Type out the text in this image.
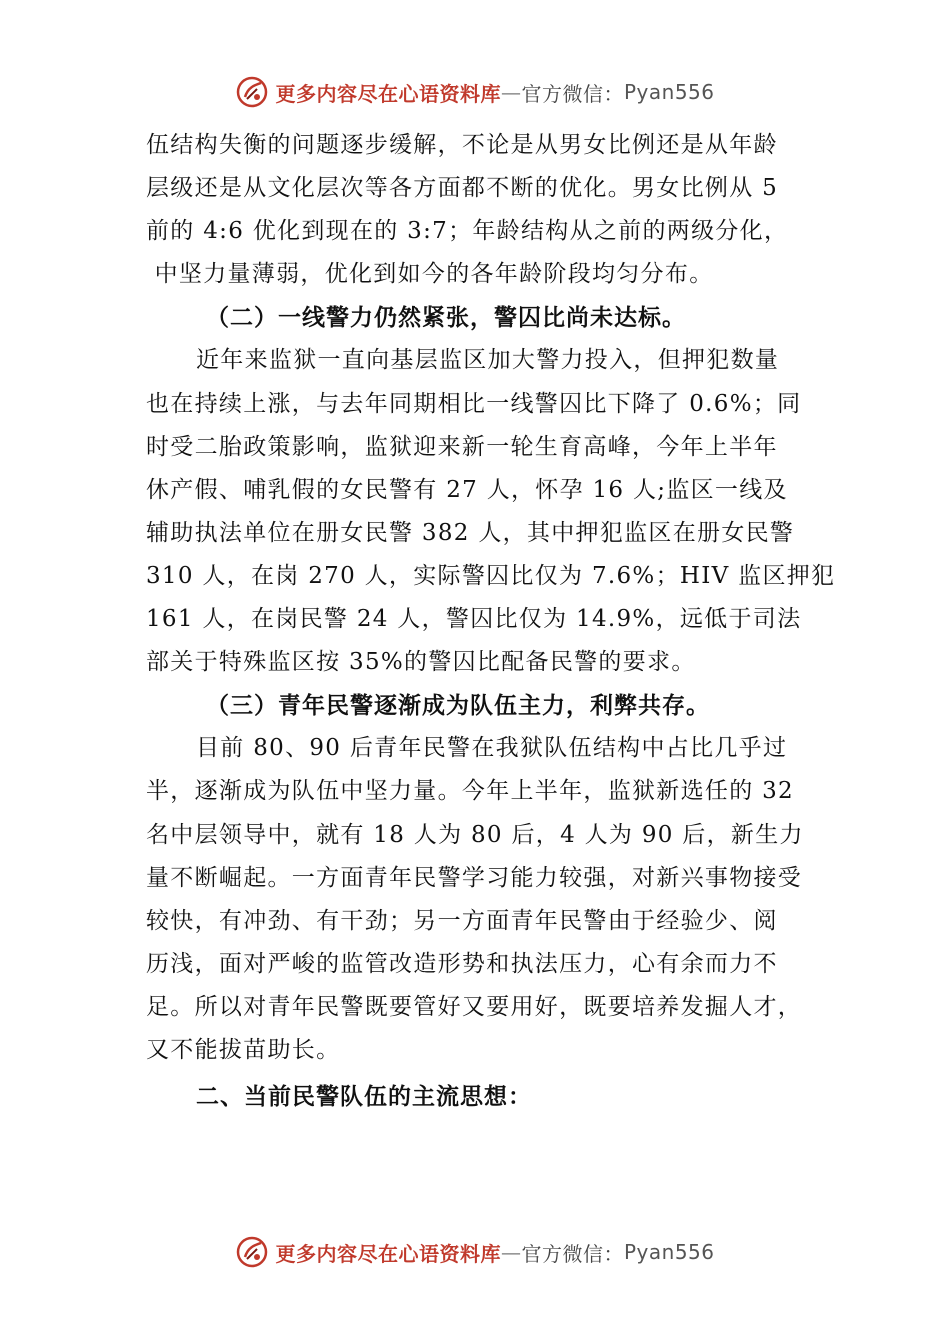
更多内容尽在心语资料库 — 官方微信： Pyan556
伍结构失衡的问题逐步缓解，不论是从男女比例还是从年龄
层级还是从文化层次等各方面都不断的优化。男女比例从 5
前的 4:6 优化到现在的 3:7；年龄结构从之前的两级分化，
中坚力量薄弱，优化到如今的各年龄阶段均匀分布。
（二）一线警力仍然紧张，警囚比尚未达标。
近年来监狱一直向基层监区加大警力投入，但押犯数量
也在持续上涨，与去年同期相比一线警囚比下降了 0.6%；同
时受二胎政策影响，监狱迎来新一轮生育高峰，今年上半年
休产假、哺乳假的女民警有 27 人，怀孕 16 人;监区一线及
辅助执法单位在册女民警 382 人，其中押犯监区在册女民警
310 人，在岗 270 人，实际警囚比仅为 7.6%；HIV 监区押犯
161 人，在岗民警 24 人，警囚比仅为 14.9%，远低于司法
部关于特殊监区按 35%的警囚比配备民警的要求。
（三）青年民警逐渐成为队伍主力，利弊共存。
目前 80、90 后青年民警在我狱队伍结构中占比几乎过
半，逐渐成为队伍中坚力量。今年上半年，监狱新选任的 32
名中层领导中，就有 18 人为 80 后，4 人为 90 后，新生力
量不断崛起。一方面青年民警学习能力较强，对新兴事物接受
较快，有冲劲、有干劲；另一方面青年民警由于经验少、阅
历浅，面对严峻的监管改造形势和执法压力，心有余而力不
足。所以对青年民警既要管好又要用好，既要培养发掘人才，
又不能拔苗助长。
二、当前民警队伍的主流思想：
更多内容尽在心语资料库 — 官方微信： Pyan556
